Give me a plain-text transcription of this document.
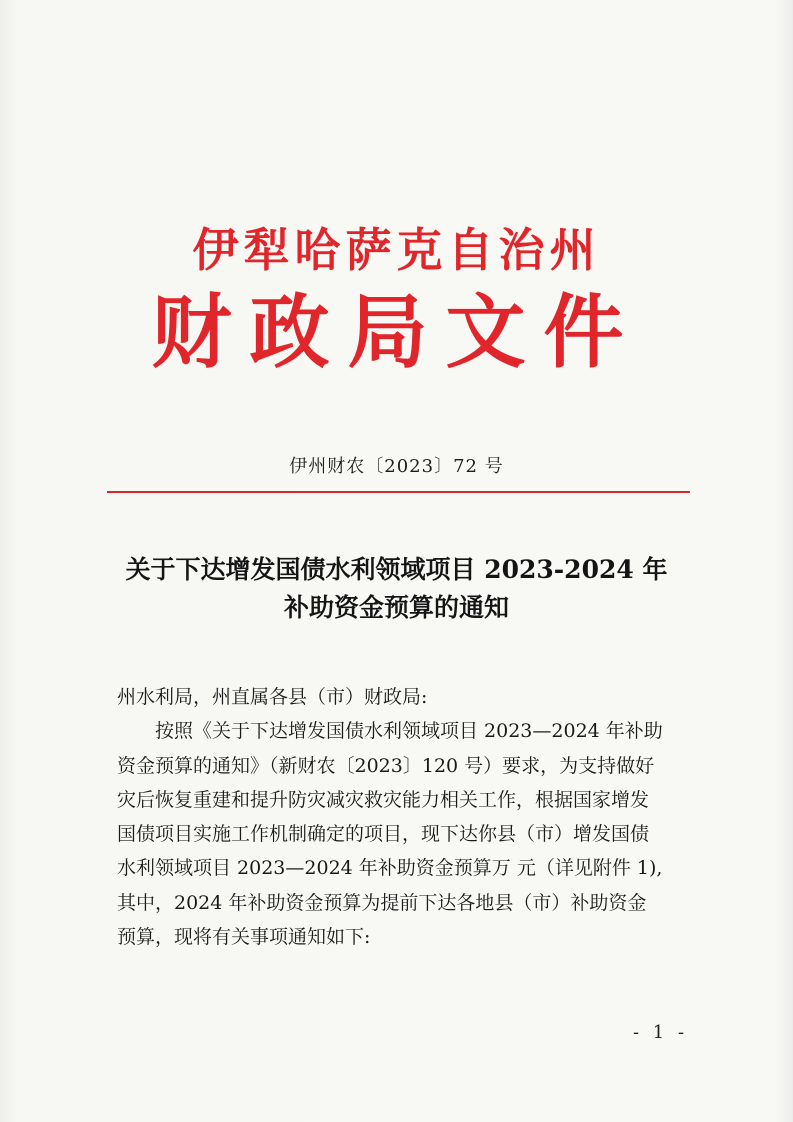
伊犁哈萨克自治州
财政局文件
伊州财农〔2023〕72 号
关于下达增发国债水利领域项目 2023-2024 年
补助资金预算的通知

州水利局，州直属各县（市）财政局:

按照《关于下达增发国债水利领域项目 2023—2024 年补助

资金预算的通知》（新财农〔2023〕120 号）要求，为支持做好

灾后恢复重建和提升防灾减灾救灾能力相关工作，根据国家增发

国债项目实施工作机制确定的项目，现下达你县（市）增发国债

水利领域项目 2023—2024 年补助资金预算万 元（详见附件 1),

其中，2024 年补助资金预算为提前下达各地县（市）补助资金

预算，现将有关事项通知如下:

- 1 -
